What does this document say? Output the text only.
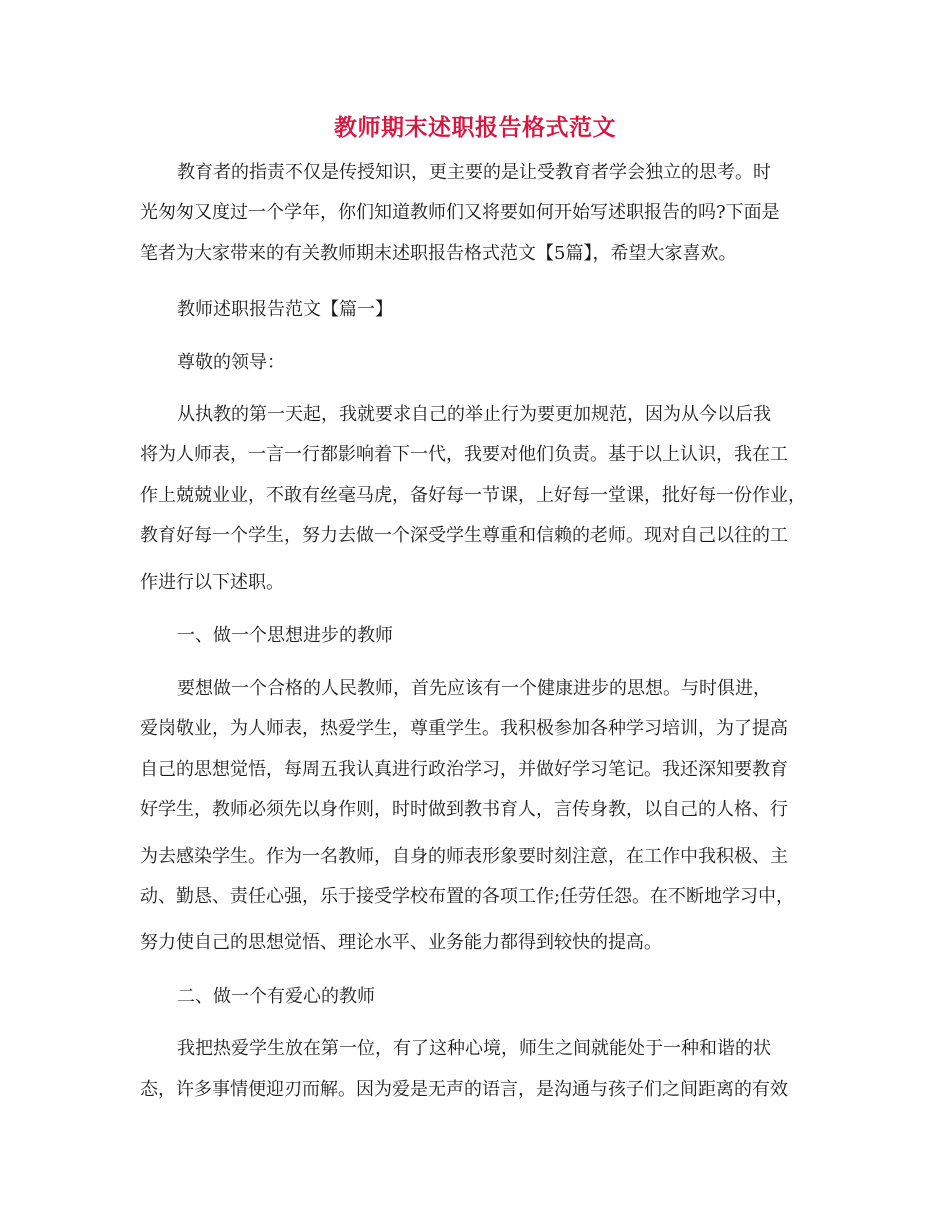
教师期末述职报告格式范文

教育者的指责不仅是传授知识，更主要的是让受教育者学会独立的思考。时

光匆匆又度过一个学年，你们知道教师们又将要如何开始写述职报告的吗?下面是

笔者为大家带来的有关教师期末述职报告格式范文【5篇】，希望大家喜欢。

教师述职报告范文【篇一】

尊敬的领导：

从执教的第一天起，我就要求自己的举止行为要更加规范，因为从今以后我

将为人师表，一言一行都影响着下一代，我要对他们负责。基于以上认识，我在工

作上兢兢业业，不敢有丝毫马虎，备好每一节课，上好每一堂课，批好每一份作业，

教育好每一个学生，努力去做一个深受学生尊重和信赖的老师。现对自己以往的工

作进行以下述职。

一、做一个思想进步的教师

要想做一个合格的人民教师，首先应该有一个健康进步的思想。与时俱进，

爱岗敬业，为人师表，热爱学生，尊重学生。我积极参加各种学习培训，为了提高

自己的思想觉悟，每周五我认真进行政治学习，并做好学习笔记。我还深知要教育

好学生，教师必须先以身作则，时时做到教书育人，言传身教，以自己的人格、行

为去感染学生。作为一名教师，自身的师表形象要时刻注意，在工作中我积极、主

动、勤恳、责任心强，乐于接受学校布置的各项工作;任劳任怨。在不断地学习中，

努力使自己的思想觉悟、理论水平、业务能力都得到较快的提高。

二、做一个有爱心的教师

我把热爱学生放在第一位，有了这种心境，师生之间就能处于一种和谐的状

态，许多事情便迎刃而解。因为爱是无声的语言，是沟通与孩子们之间距离的有效
